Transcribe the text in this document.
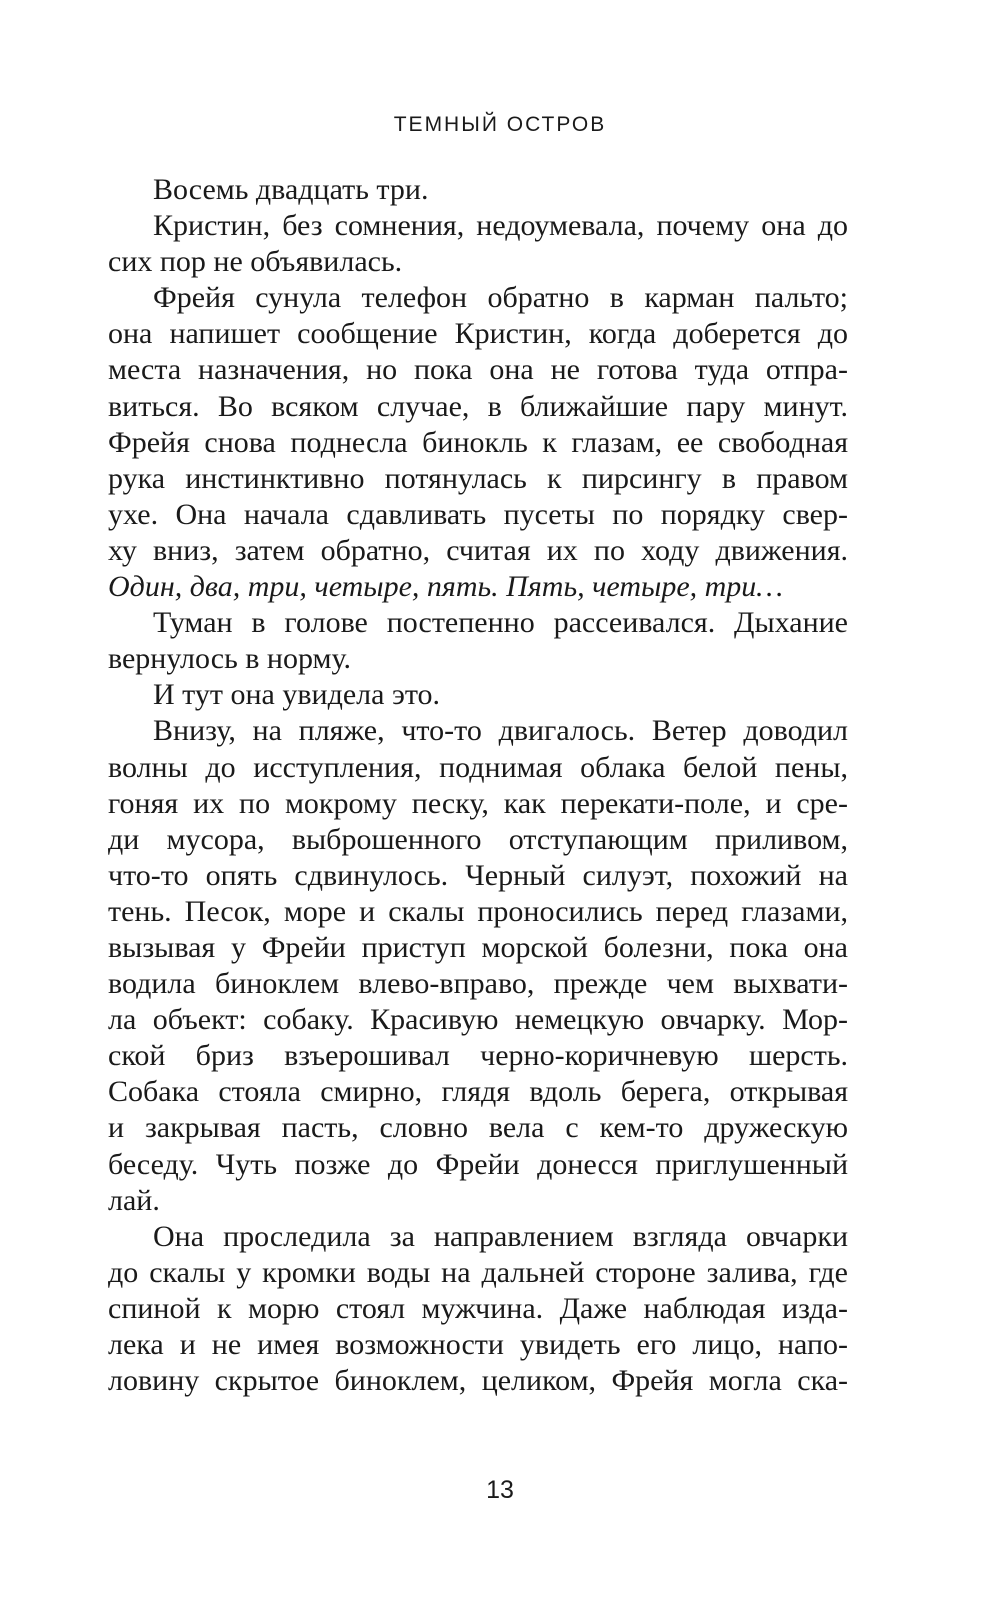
ТЕМНЫЙ ОСТРОВ
Восемь двадцать три.
Кристин, без сомнения, недоумевала, почему она до
сих пор не объявилась.
Фрейя сунула телефон обратно в карман пальто;
она напишет сообщение Кристин, когда доберется до
места назначения, но пока она не готова туда отпра-
виться. Во всяком случае, в ближайшие пару минут.
Фрейя снова поднесла бинокль к глазам, ее свободная
рука инстинктивно потянулась к пирсингу в правом
ухе. Она начала сдавливать пусеты по порядку свер-
ху вниз, затем обратно, считая их по ходу движения.
Один, два, три, четыре, пять. Пять, четыре, три…
Туман в голове постепенно рассеивался. Дыхание
вернулось в норму.
И тут она увидела это.
Внизу, на пляже, что-то двигалось. Ветер доводил
волны до исступления, поднимая облака белой пены,
гоняя их по мокрому песку, как перекати-поле, и сре-
ди мусора, выброшенного отступающим приливом,
что-то опять сдвинулось. Черный силуэт, похожий на
тень. Песок, море и скалы проносились перед глазами,
вызывая у Фрейи приступ морской болезни, пока она
водила биноклем влево-вправо, прежде чем выхвати-
ла объект: собаку. Красивую немецкую овчарку. Мор-
ской бриз взъерошивал черно-коричневую шерсть.
Собака стояла смирно, глядя вдоль берега, открывая
и закрывая пасть, словно вела с кем-то дружескую
беседу. Чуть позже до Фрейи донесся приглушенный
лай.
Она проследила за направлением взгляда овчарки
до скалы у кромки воды на дальней стороне залива, где
спиной к морю стоял мужчина. Даже наблюдая изда-
лека и не имея возможности увидеть его лицо, напо-
ловину скрытое биноклем, целиком, Фрейя могла ска-
13
